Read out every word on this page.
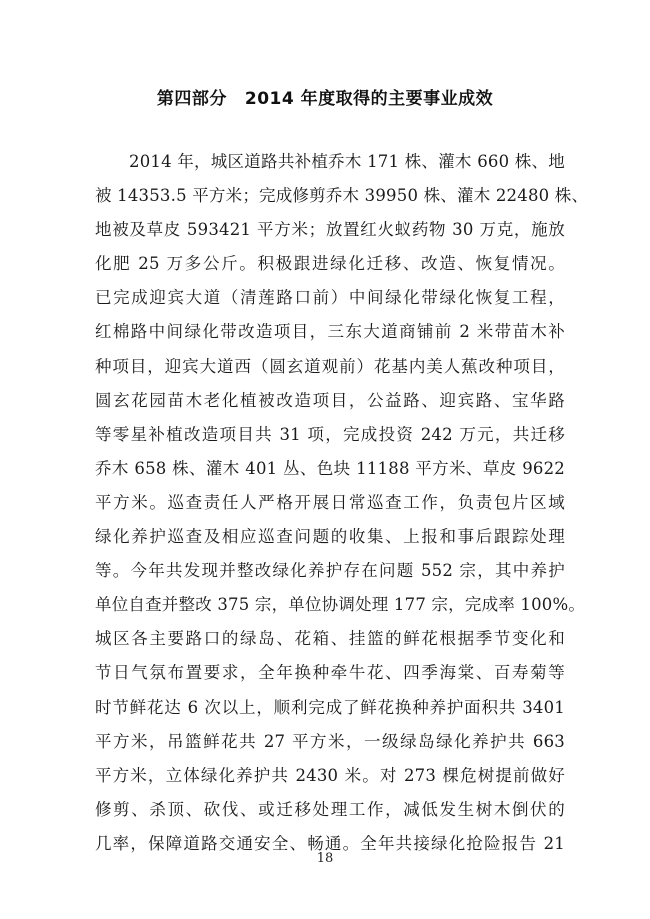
第四部分 2014 年度取得的主要事业成效
2014 年，城区道路共补植乔木 171 株、灌木 660 株、地
被 14353.5 平方米；完成修剪乔木 39950 株、灌木 22480 株、
地被及草皮 593421 平方米；放置红火蚁药物 30 万克，施放
化肥 25 万多公斤。积极跟进绿化迁移、改造、恢复情况。
已完成迎宾大道（清莲路口前）中间绿化带绿化恢复工程，
红棉路中间绿化带改造项目，三东大道商铺前 2 米带苗木补
种项目，迎宾大道西（圆玄道观前）花基内美人蕉改种项目，
圆玄花园苗木老化植被改造项目，公益路、迎宾路、宝华路
等零星补植改造项目共 31 项，完成投资 242 万元，共迁移
乔木 658 株、灌木 401 丛、色块 11188 平方米、草皮 9622
平方米。巡查责任人严格开展日常巡查工作，负责包片区域
绿化养护巡查及相应巡查问题的收集、上报和事后跟踪处理
等。今年共发现并整改绿化养护存在问题 552 宗，其中养护
单位自查并整改 375 宗，单位协调处理 177 宗，完成率 100%。
城区各主要路口的绿岛、花箱、挂篮的鲜花根据季节变化和
节日气氛布置要求，全年换种牵牛花、四季海棠、百寿菊等
时节鲜花达 6 次以上，顺利完成了鲜花换种养护面积共 3401
平方米，吊篮鲜花共 27 平方米，一级绿岛绿化养护共 663
平方米，立体绿化养护共 2430 米。对 273 棵危树提前做好
修剪、杀顶、砍伐、或迁移处理工作，减低发生树木倒伏的
几率，保障道路交通安全、畅通。全年共接绿化抢险报告 21
18
